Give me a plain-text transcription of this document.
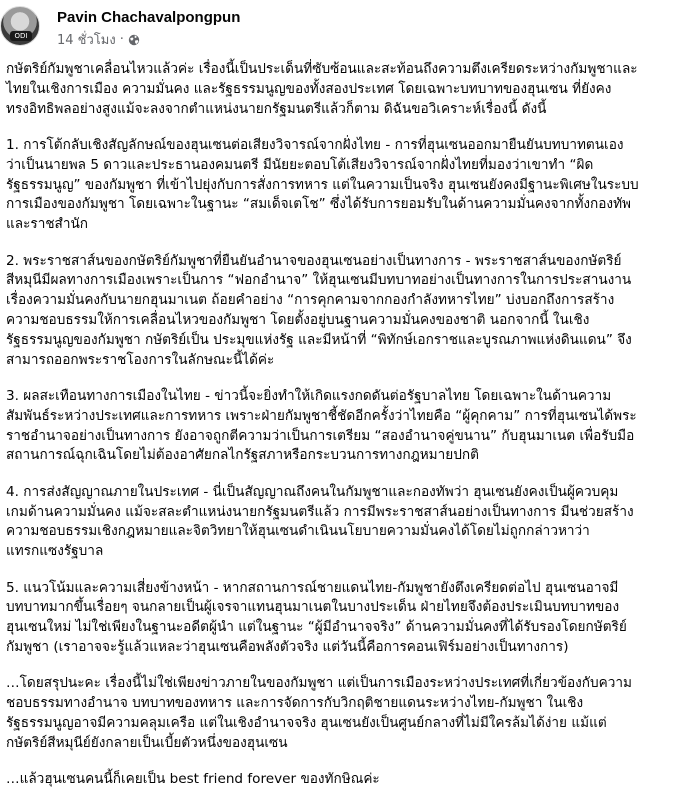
ODI
Pavin Chachavalpongpun
14 ชั่วโมง ·

กษัตริย์กัมพูชาเคลื่อนไหวแล้วค่ะ เรื่องนี้เป็นประเด็นที่ซับซ้อนและสะท้อนถึงความตึงเครียดระหว่างกัมพูชาและ
ไทยในเชิงการเมือง ความมั่นคง และรัฐธรรมนูญของทั้งสองประเทศ โดยเฉพาะบทบาทของฮุนเซน ที่ยังคง
ทรงอิทธิพลอย่างสูงแม้จะลงจากตำแหน่งนายกรัฐมนตรีแล้วก็ตาม ดิฉันขอวิเคราะห์เรื่องนี้ ดังนี้

1. การโต้กลับเชิงสัญลักษณ์ของฮุนเซนต่อเสียงวิจารณ์จากฝั่งไทย - การที่ฮุนเซนออกมายืนยันบทบาทตนเอง
ว่าเป็นนายพล 5 ดาวและประธานองคมนตรี มีนัยยะตอบโต้เสียงวิจารณ์จากฝั่งไทยที่มองว่าเขาทำ “ผิด
รัฐธรรมนูญ” ของกัมพูชา ที่เข้าไปยุ่งกับการสั่งการทหาร แต่ในความเป็นจริง ฮุนเซนยังคงมีฐานะพิเศษในระบบ
การเมืองของกัมพูชา โดยเฉพาะในฐานะ “สมเด็จเตโช” ซึ่งได้รับการยอมรับในด้านความมั่นคงจากทั้งกองทัพ
และราชสำนัก

2. พระราชสาส์นของกษัตริย์กัมพูชาที่ยืนยันอำนาจของฮุนเซนอย่างเป็นทางการ - พระราชสาส์นของกษัตริย์
สีหมุนีมีผลทางการเมืองเพราะเป็นการ “ฟอกอำนาจ” ให้ฮุนเซนมีบทบาทอย่างเป็นทางการในการประสานงาน
เรื่องความมั่นคงกับนายกฮุนมาเนต ถ้อยคำอย่าง “การคุกคามจากกองกำลังทหารไทย” บ่งบอกถึงการสร้าง
ความชอบธรรมให้การเคลื่อนไหวของกัมพูชา โดยตั้งอยู่บนฐานความมั่นคงของชาติ นอกจากนี้ ในเชิง
รัฐธรรมนูญของกัมพูชา กษัตริย์เป็น ประมุขแห่งรัฐ และมีหน้าที่ “พิทักษ์เอกราชและบูรณภาพแห่งดินแดน” จึง
สามารถออกพระราชโองการในลักษณะนี้ได้ค่ะ

3. ผลสะเทือนทางการเมืองในไทย - ข่าวนี้จะยิ่งทำให้เกิดแรงกดดันต่อรัฐบาลไทย โดยเฉพาะในด้านความ
สัมพันธ์ระหว่างประเทศและการทหาร เพราะฝ่ายกัมพูชาชี้ชัดอีกครั้งว่าไทยคือ “ผู้คุกคาม” การที่ฮุนเซนได้พระ
ราชอำนาจอย่างเป็นทางการ ยังอาจถูกตีความว่าเป็นการเตรียม “สองอำนาจคู่ขนาน” กับฮุนมาเนต เพื่อรับมือ
สถานการณ์ฉุกเฉินโดยไม่ต้องอาศัยกลไกรัฐสภาหรือกระบวนการทางกฎหมายปกติ

4. การส่งสัญญาณภายในประเทศ - นี่เป็นสัญญาณถึงคนในกัมพูชาและกองทัพว่า ฮุนเซนยังคงเป็นผู้ควบคุม
เกมด้านความมั่นคง แม้จะสละตำแหน่งนายกรัฐมนตรีแล้ว การมีพระราชสาส์นอย่างเป็นทางการ มีนช่วยสร้าง
ความชอบธรรมเชิงกฎหมายและจิตวิทยาให้ฮุนเซนดำเนินนโยบายความมั่นคงได้โดยไม่ถูกกล่าวหาว่า
แทรกแซงรัฐบาล

5. แนวโน้มและความเสี่ยงข้างหน้า - หากสถานการณ์ชายแดนไทย-กัมพูชายังตึงเครียดต่อไป ฮุนเซนอาจมี
บทบาทมากขึ้นเรื่อยๆ จนกลายเป็นผู้เจรจาแทนฮุนมาเนตในบางประเด็น ฝ่ายไทยจึงต้องประเมินบทบาทของ
ฮุนเซนใหม่ ไม่ใช่เพียงในฐานะอดีตผู้นำ แต่ในฐานะ “ผู้มีอำนาจจริง” ด้านความมั่นคงที่ได้รับรองโดยกษัตริย์
กัมพูชา (เราอาจจะรู้แล้วแหละว่าฮุนเซนคือพลังตัวจริง แต่วันนี้คือการคอนเฟิร์มอย่างเป็นทางการ)

…โดยสรุปนะคะ เรื่องนี้ไม่ใช่เพียงข่าวภายในของกัมพูชา แต่เป็นการเมืองระหว่างประเทศที่เกี่ยวข้องกับความ
ชอบธรรมทางอำนาจ บทบาทของทหาร และการจัดการกับวิกฤติชายแดนระหว่างไทย-กัมพูชา ในเชิง
รัฐธรรมนูญอาจมีความคลุมเครือ แต่ในเชิงอำนาจจริง ฮุนเซนยังเป็นศูนย์กลางที่ไม่มีใครล้มได้ง่าย แม้แต่
กษัตริย์สีหมุนีย์ยังกลายเป็นเบี้ยตัวหนึ่งของฮุนเซน

…แล้วฮุนเซนคนนี้ก็เคยเป็น best friend forever ของทักษิณค่ะ
